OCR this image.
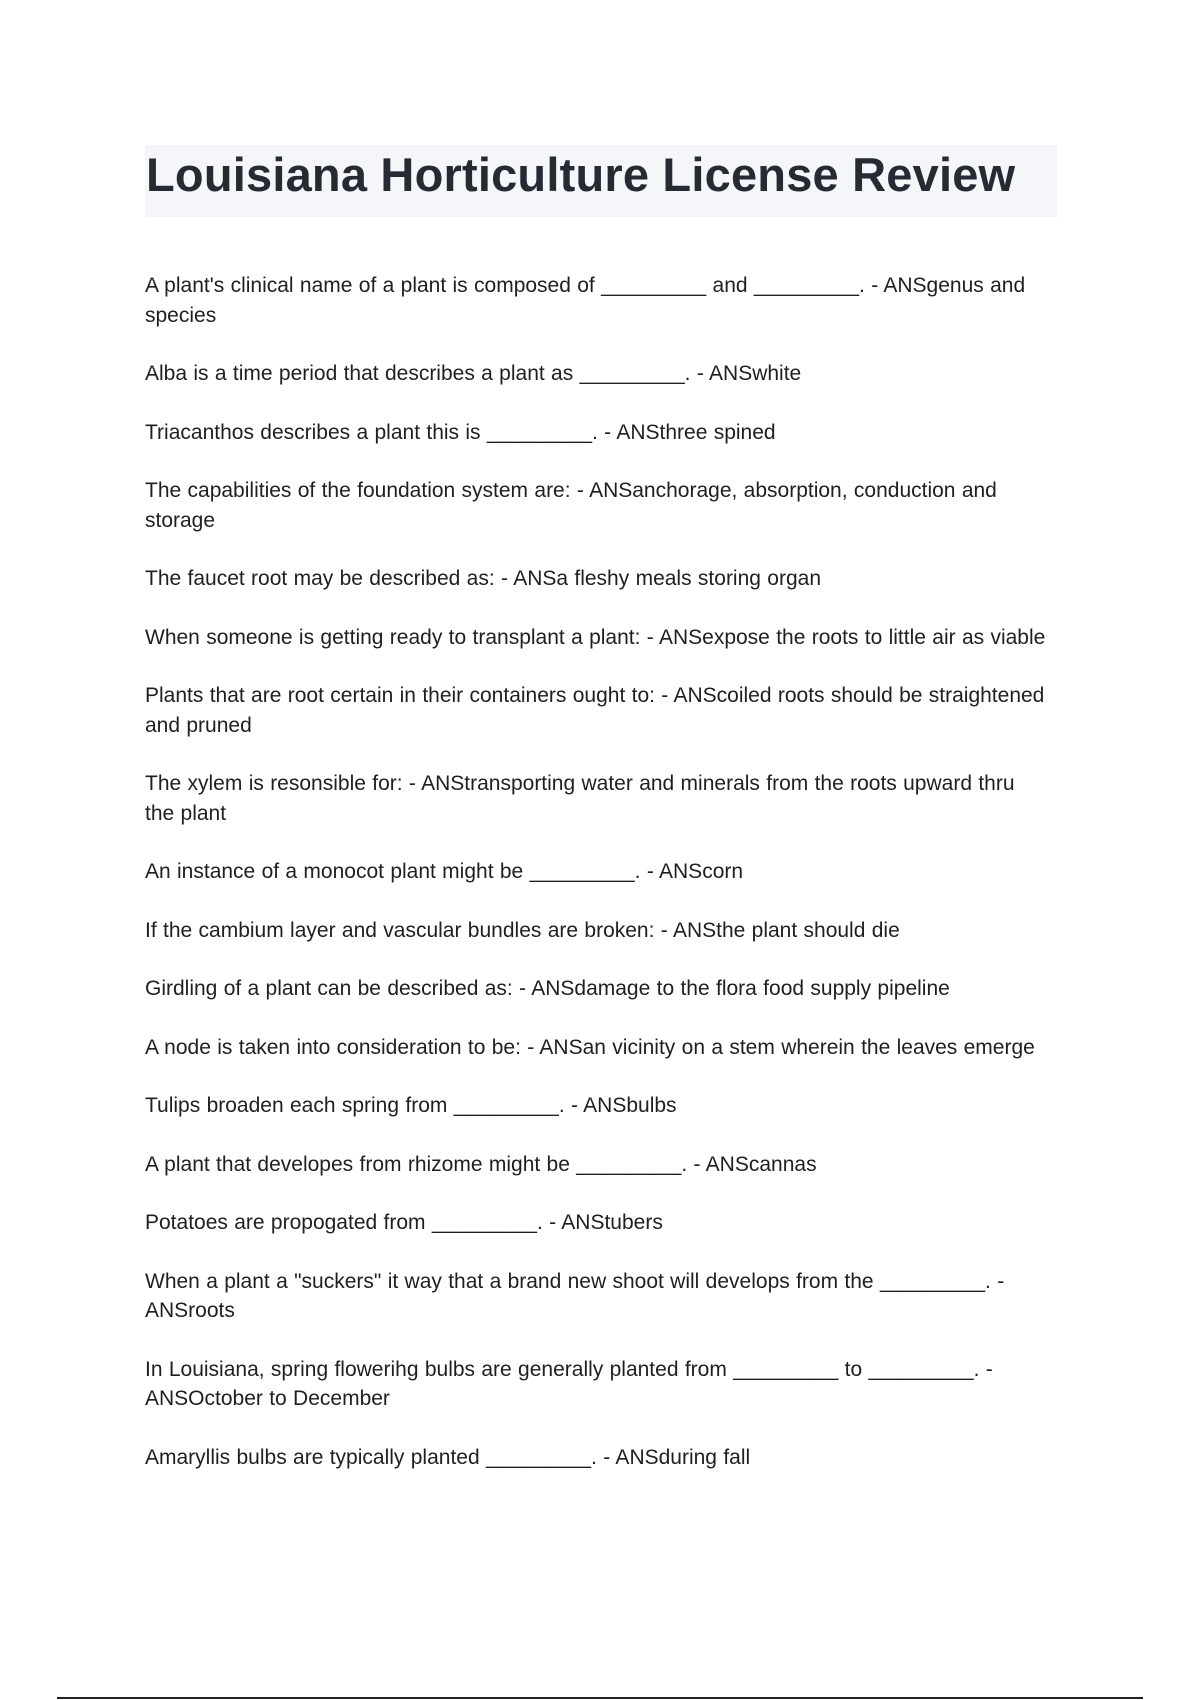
Louisiana Horticulture License Review
A plant's clinical name of a plant is composed of _________ and _________. - ANSgenus and species
Alba is a time period that describes a plant as _________. - ANSwhite
Triacanthos describes a plant this is _________. - ANSthree spined
The capabilities of the foundation system are: - ANSanchorage, absorption, conduction and storage
The faucet root may be described as: - ANSa fleshy meals storing organ
When someone is getting ready to transplant a plant: - ANSexpose the roots to little air as viable
Plants that are root certain in their containers ought to: - ANScoiled roots should be straightened and pruned
The xylem is resonsible for: - ANStransporting water and minerals from the roots upward thru the plant
An instance of a monocot plant might be _________. - ANScorn
If the cambium layer and vascular bundles are broken: - ANSthe plant should die
Girdling of a plant can be described as: - ANSdamage to the flora food supply pipeline
A node is taken into consideration to be: - ANSan vicinity on a stem wherein the leaves emerge
Tulips broaden each spring from _________. - ANSbulbs
A plant that developes from rhizome might be _________. - ANScannas
Potatoes are propogated from _________. - ANStubers
When a plant a "suckers" it way that a brand new shoot will develops from the _________. - ANSroots
In Louisiana, spring flowerihg bulbs are generally planted from _________ to _________. - ANSOctober to December
Amaryllis bulbs are typically planted _________. - ANSduring fall
